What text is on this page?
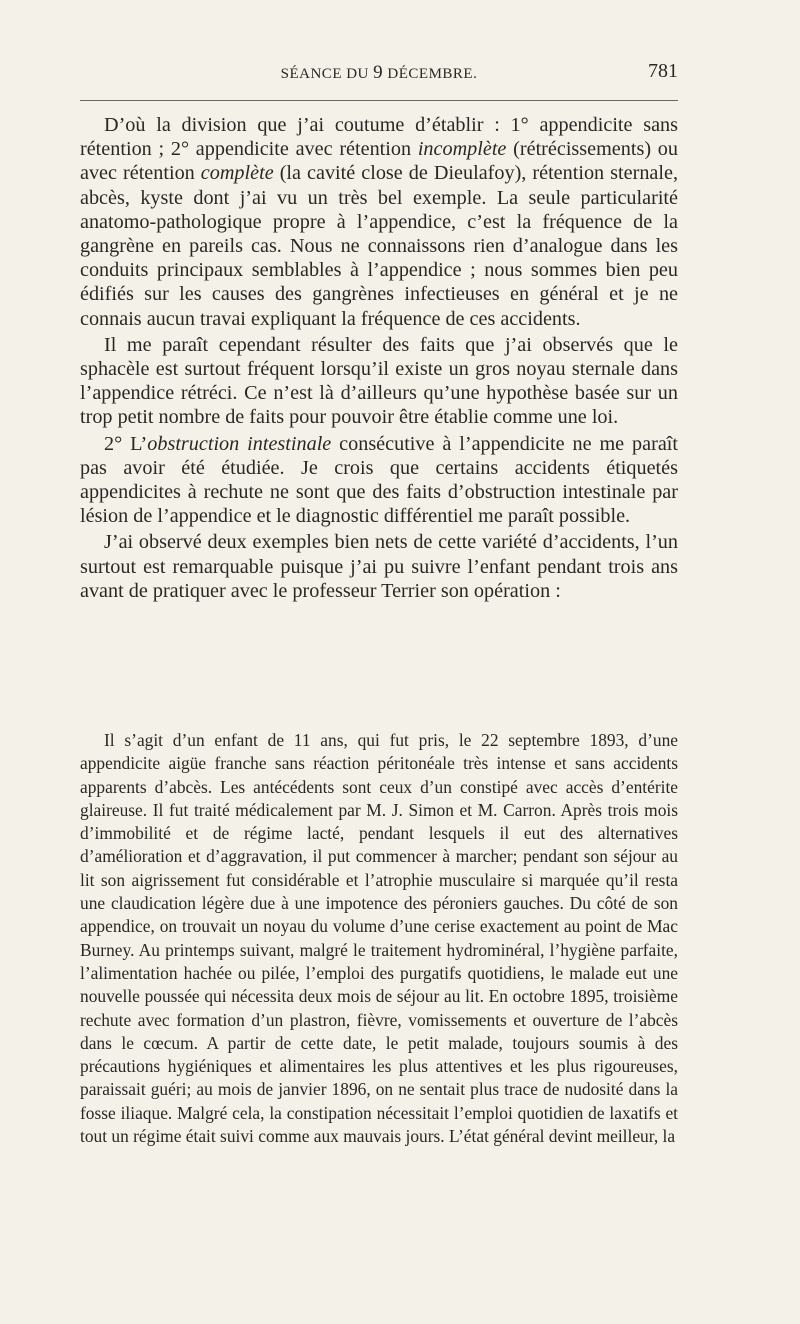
SÉANCE DU 9 DÉCEMBRE.	781

D’où la division que j’ai coutume d’établir : 1° appendicite sans rétention ; 2° appendicite avec rétention incomplète (rétrécissements) ou avec rétention complète (la cavité close de Dieulafoy), rétention sternale, abcès, kyste dont j’ai vu un très bel exemple. La seule particularité anatomo-pathologique propre à l’appendice, c’est la fréquence de la gangrène en pareils cas. Nous ne connaissons rien d’analogue dans les conduits principaux semblables à l’appendice ; nous sommes bien peu édifiés sur les causes des gangrènes infectieuses en général et je ne connais aucun travai expliquant la fréquence de ces accidents.

Il me paraît cependant résulter des faits que j’ai observés que le sphacèle est surtout fréquent lorsqu’il existe un gros noyau sternale dans l’appendice rétréci. Ce n’est là d’ailleurs qu’une hypothèse basée sur un trop petit nombre de faits pour pouvoir être établie comme une loi.

2° L’obstruction intestinale consécutive à l’appendicite ne me paraît pas avoir été étudiée. Je crois que certains accidents étiquetés appendicites à rechute ne sont que des faits d’obstruction intestinale par lésion de l’appendice et le diagnostic différentiel me paraît possible.

J’ai observé deux exemples bien nets de cette variété d’accidents, l’un surtout est remarquable puisque j’ai pu suivre l’enfant pendant trois ans avant de pratiquer avec le professeur Terrier son opération :

Il s’agit d’un enfant de 11 ans, qui fut pris, le 22 septembre 1893, d’une appendicite aigüe franche sans réaction péritonéale très intense et sans accidents apparents d’abcès. Les antécédents sont ceux d’un constipé avec accès d’entérite glaireuse. Il fut traité médicalement par M. J. Simon et M. Carron. Après trois mois d’immobilité et de régime lacté, pendant lesquels il eut des alternatives d’amélioration et d’aggravation, il put commencer à marcher; pendant son séjour au lit son aigrissement fut considérable et l’atrophie musculaire si marquée qu’il resta une claudication légère due à une impotence des péroniers gauches. Du côté de son appendice, on trouvait un noyau du volume d’une cerise exactement au point de Mac Burney. Au printemps suivant, malgré le traitement hydrominéral, l’hygiène parfaite, l’alimentation hachée ou pilée, l’emploi des purgatifs quotidiens, le malade eut une nouvelle poussée qui nécessita deux mois de séjour au lit. En octobre 1895, troisième rechute avec formation d’un plastron, fièvre, vomissements et ouverture de l’abcès dans le cœcum. A partir de cette date, le petit malade, toujours soumis à des précautions hygiéniques et alimentaires les plus attentives et les plus rigoureuses, paraissait guéri; au mois de janvier 1896, on ne sentait plus trace de nudosité dans la fosse iliaque. Malgré cela, la constipation nécessitait l’emploi quotidien de laxatifs et tout un régime était suivi comme aux mauvais jours. L’état général devint meilleur, la
